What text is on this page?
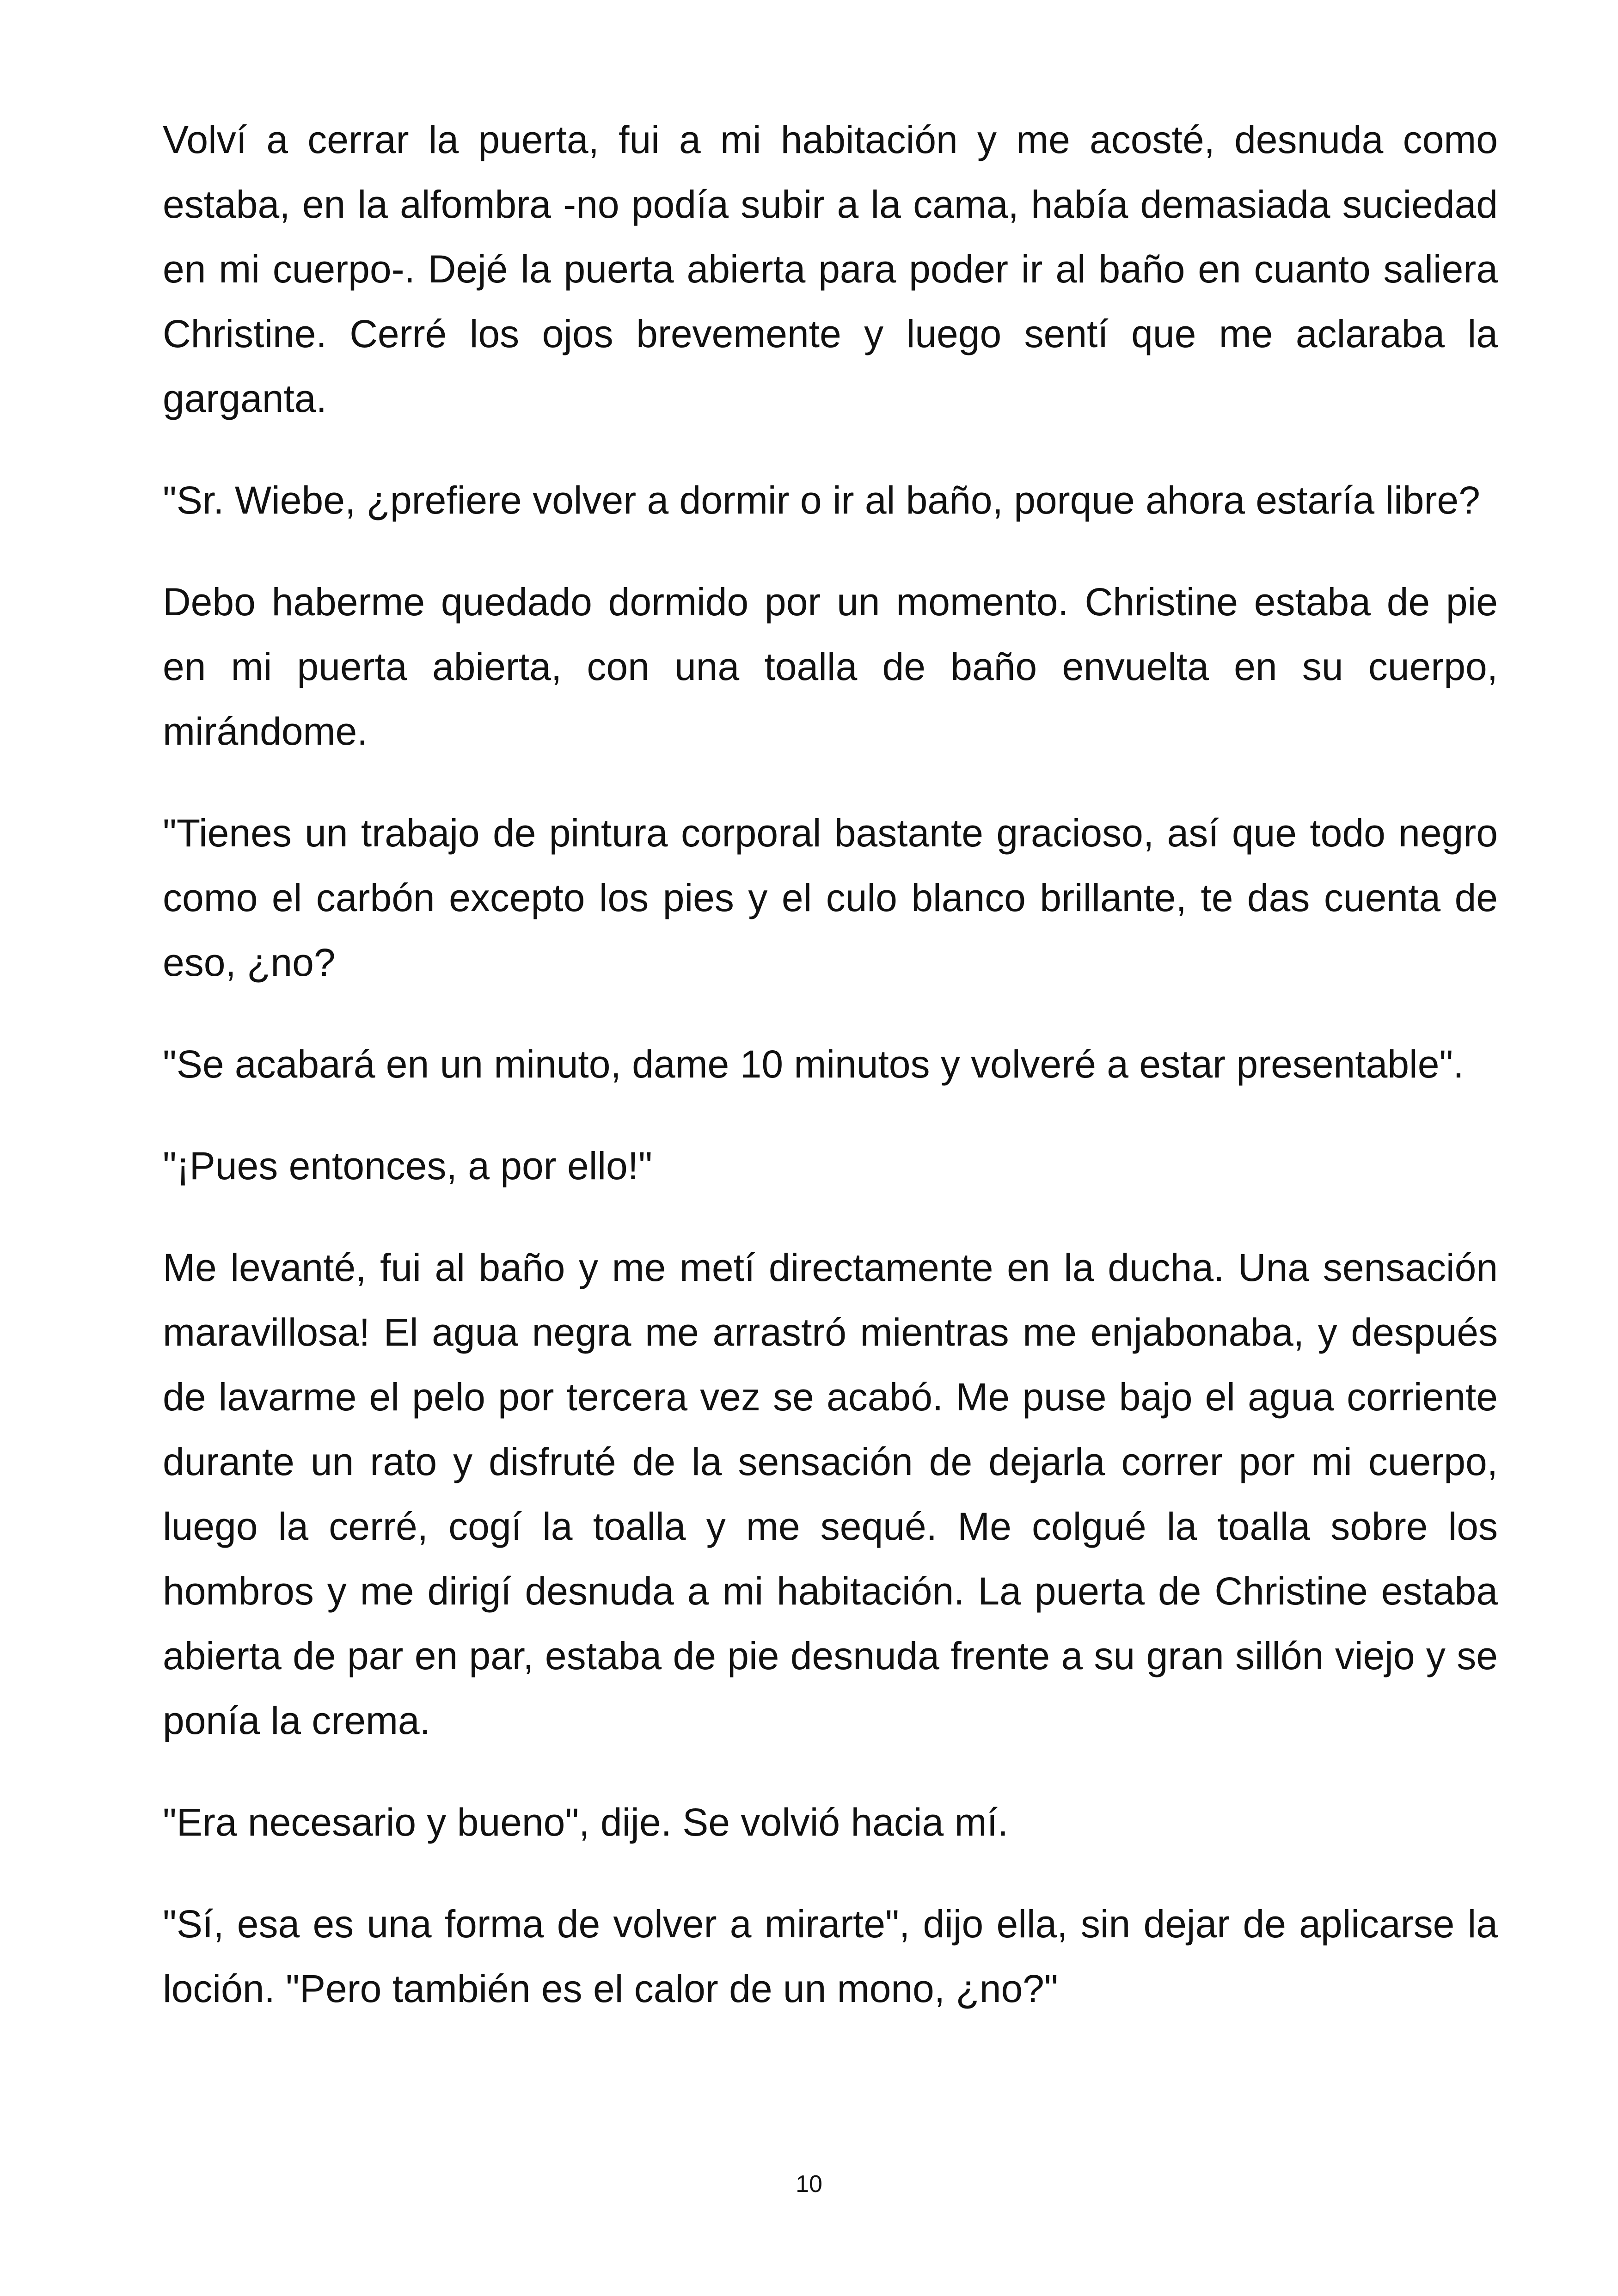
Volví a cerrar la puerta, fui a mi habitación y me acosté, desnuda como estaba, en la alfombra -no podía subir a la cama, había demasiada suciedad en mi cuerpo-. Dejé la puerta abierta para poder ir al baño en cuanto saliera Christine. Cerré los ojos brevemente y luego sentí que me aclaraba la garganta.

"Sr. Wiebe, ¿prefiere volver a dormir o ir al baño, porque ahora estaría libre?

Debo haberme quedado dormido por un momento. Christine estaba de pie en mi puerta abierta, con una toalla de baño envuelta en su cuerpo, mirándome.

"Tienes un trabajo de pintura corporal bastante gracioso, así que todo negro como el carbón excepto los pies y el culo blanco brillante, te das cuenta de eso, ¿no?

"Se acabará en un minuto, dame 10 minutos y volveré a estar presentable".

"¡Pues entonces, a por ello!"

Me levanté, fui al baño y me metí directamente en la ducha. Una sensación maravillosa! El agua negra me arrastró mientras me enjabonaba, y después de lavarme el pelo por tercera vez se acabó. Me puse bajo el agua corriente durante un rato y disfruté de la sensación de dejarla correr por mi cuerpo, luego la cerré, cogí la toalla y me sequé. Me colgué la toalla sobre los hombros y me dirigí desnuda a mi habitación. La puerta de Christine estaba abierta de par en par, estaba de pie desnuda frente a su gran sillón viejo y se ponía la crema.

"Era necesario y bueno", dije. Se volvió hacia mí.

"Sí, esa es una forma de volver a mirarte", dijo ella, sin dejar de aplicarse la loción. "Pero también es el calor de un mono, ¿no?"

10
